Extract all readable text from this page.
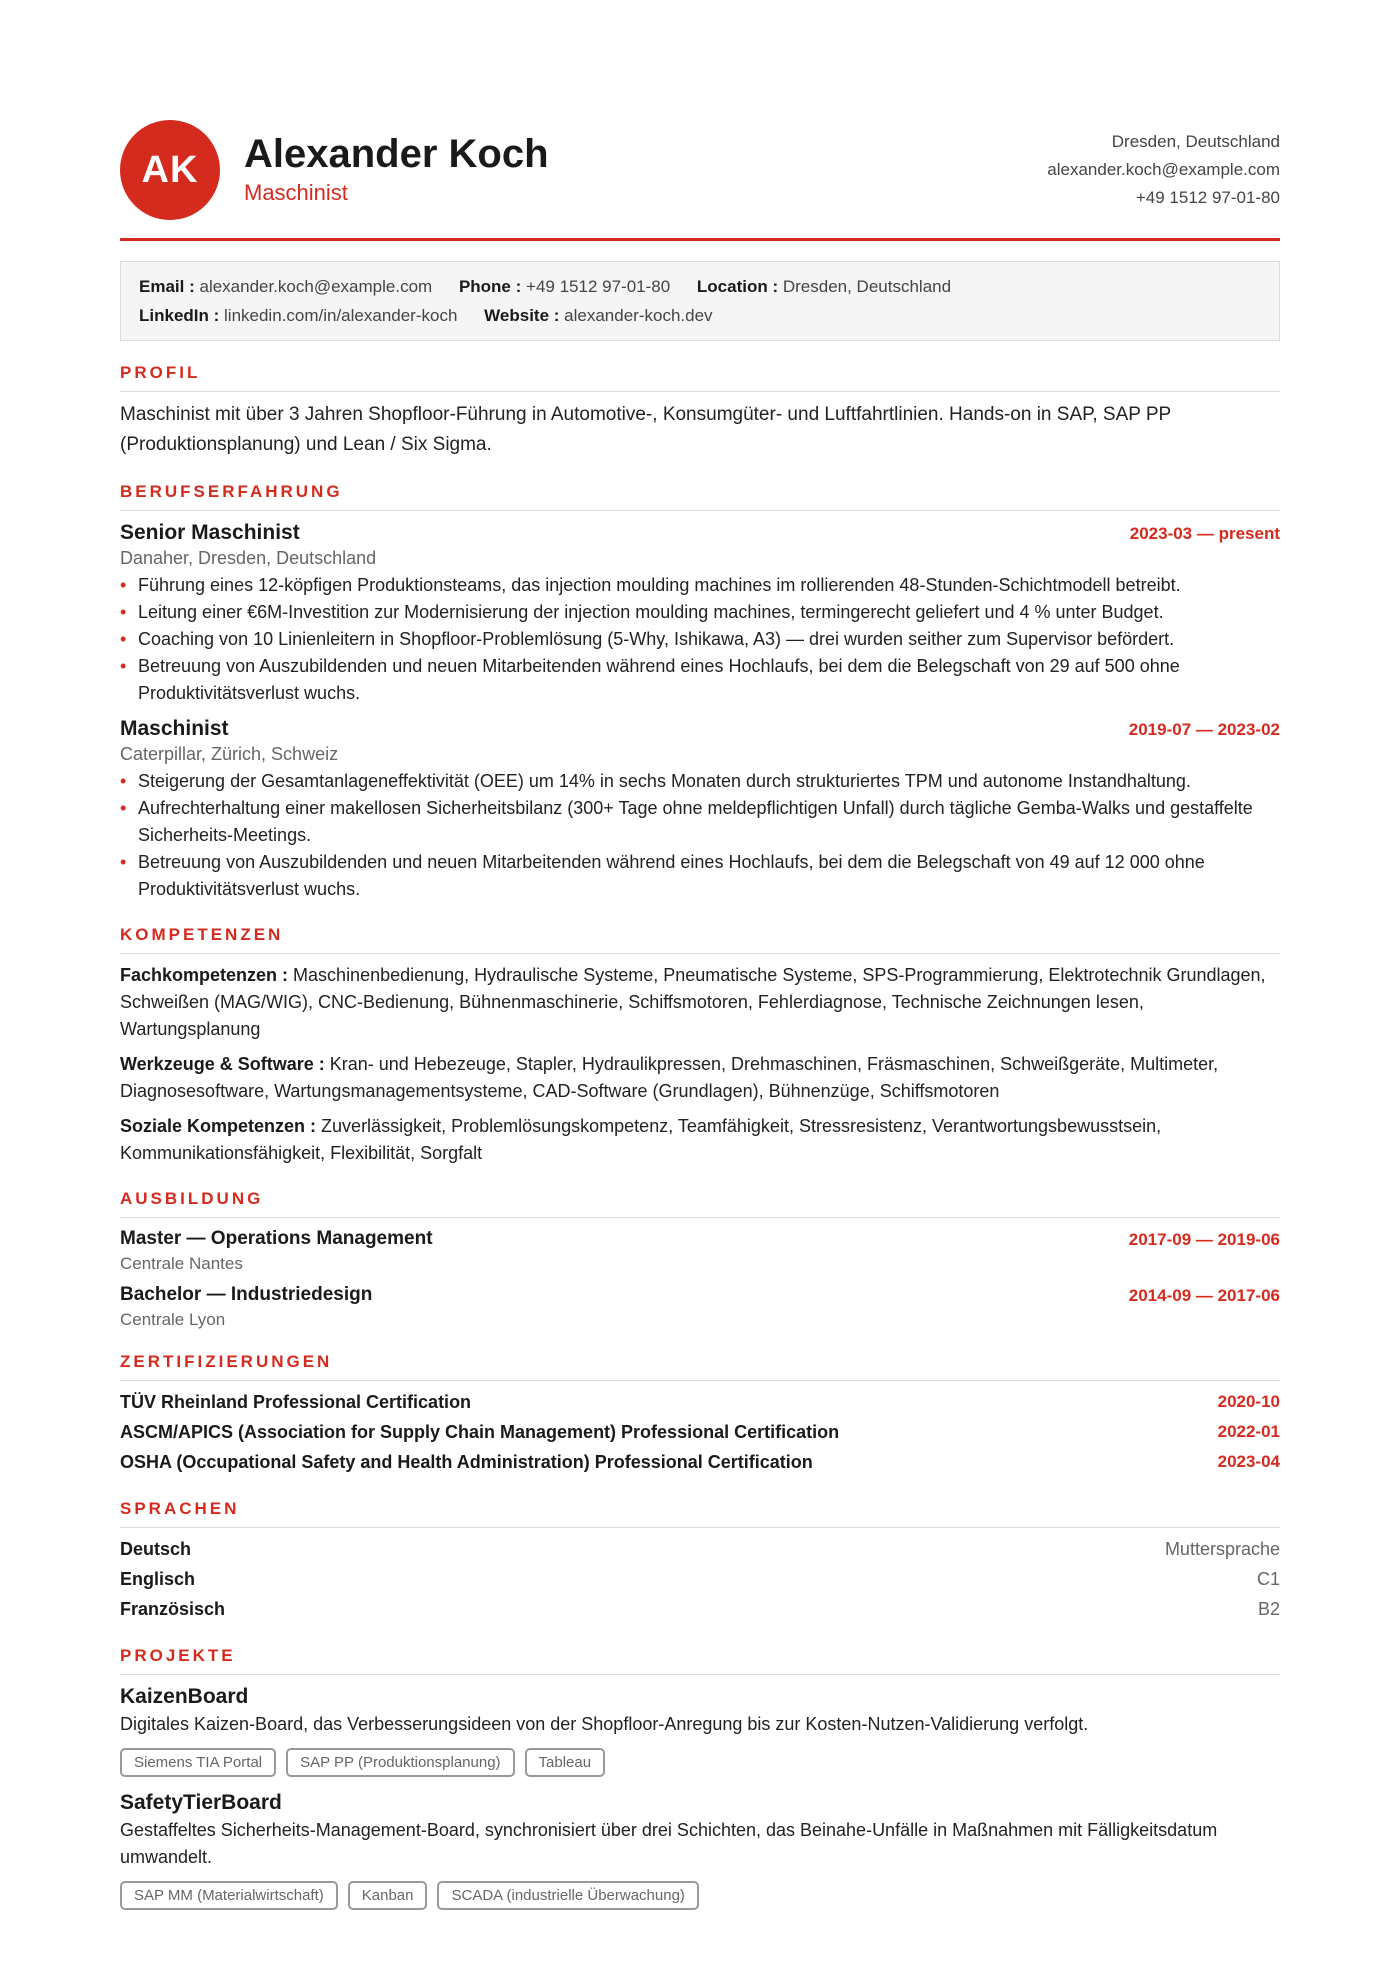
AK	Alexander Koch
Maschinist
Dresden, Deutschland
alexander.koch@example.com
+49 1512 97-01-80
Email : alexander.koch@example.com Phone : +49 1512 97-01-80 Location : Dresden, Deutschland
LinkedIn : linkedin.com/in/alexander-koch Website : alexander-koch.dev
PROFIL
Maschinist mit über 3 Jahren Shopfloor-Führung in Automotive-, Konsumgüter- und Luftfahrtlinien. Hands-on in SAP, SAP PP (Produktionsplanung) und Lean / Six Sigma.
BERUFSERFAHRUNG
Senior Maschinist	2023-03 — present
Danaher, Dresden, Deutschland
• Führung eines 12-köpfigen Produktionsteams, das injection moulding machines im rollierenden 48-Stunden-Schichtmodell betreibt.
• Leitung einer €6M-Investition zur Modernisierung der injection moulding machines, termingerecht geliefert und 4 % unter Budget.
• Coaching von 10 Linienleitern in Shopfloor-Problemlösung (5-Why, Ishikawa, A3) — drei wurden seither zum Supervisor befördert.
• Betreuung von Auszubildenden und neuen Mitarbeitenden während eines Hochlaufs, bei dem die Belegschaft von 29 auf 500 ohne Produktivitätsverlust wuchs.
Maschinist	2019-07 — 2023-02
Caterpillar, Zürich, Schweiz
• Steigerung der Gesamtanlageneffektivität (OEE) um 14% in sechs Monaten durch strukturiertes TPM und autonome Instandhaltung.
• Aufrechterhaltung einer makellosen Sicherheitsbilanz (300+ Tage ohne meldepflichtigen Unfall) durch tägliche Gemba-Walks und gestaffelte Sicherheits-Meetings.
• Betreuung von Auszubildenden und neuen Mitarbeitenden während eines Hochlaufs, bei dem die Belegschaft von 49 auf 12 000 ohne Produktivitätsverlust wuchs.
KOMPETENZEN
Fachkompetenzen : Maschinenbedienung, Hydraulische Systeme, Pneumatische Systeme, SPS-Programmierung, Elektrotechnik Grundlagen, Schweißen (MAG/WIG), CNC-Bedienung, Bühnenmaschinerie, Schiffsmotoren, Fehlerdiagnose, Technische Zeichnungen lesen, Wartungsplanung
Werkzeuge & Software : Kran- und Hebezeuge, Stapler, Hydraulikpressen, Drehmaschinen, Fräsmaschinen, Schweißgeräte, Multimeter, Diagnosesoftware, Wartungsmanagementsysteme, CAD-Software (Grundlagen), Bühnenzüge, Schiffsmotoren
Soziale Kompetenzen : Zuverlässigkeit, Problemlösungskompetenz, Teamfähigkeit, Stressresistenz, Verantwortungsbewusstsein, Kommunikationsfähigkeit, Flexibilität, Sorgfalt
AUSBILDUNG
Master — Operations Management
Centrale Nantes
2017-09 — 2019-06
Bachelor — Industriedesign
Centrale Lyon
2014-09 — 2017-06
ZERTIFIZIERUNGEN
TÜV Rheinland Professional Certification	2020-10
ASCM/APICS (Association for Supply Chain Management) Professional Certification	2022-01
OSHA (Occupational Safety and Health Administration) Professional Certification	2023-04
SPRACHEN
Deutsch	Muttersprache
Englisch	C1
Französisch	B2
PROJEKTE
KaizenBoard
Digitales Kaizen-Board, das Verbesserungsideen von der Shopfloor-Anregung bis zur Kosten-Nutzen-Validierung verfolgt.
Siemens TIA Portal	SAP PP (Produktionsplanung)	Tableau
SafetyTierBoard
Gestaffeltes Sicherheits-Management-Board, synchronisiert über drei Schichten, das Beinahe-Unfälle in Maßnahmen mit Fälligkeitsdatum umwandelt.
SAP MM (Materialwirtschaft)	Kanban	SCADA (industrielle Überwachung)
